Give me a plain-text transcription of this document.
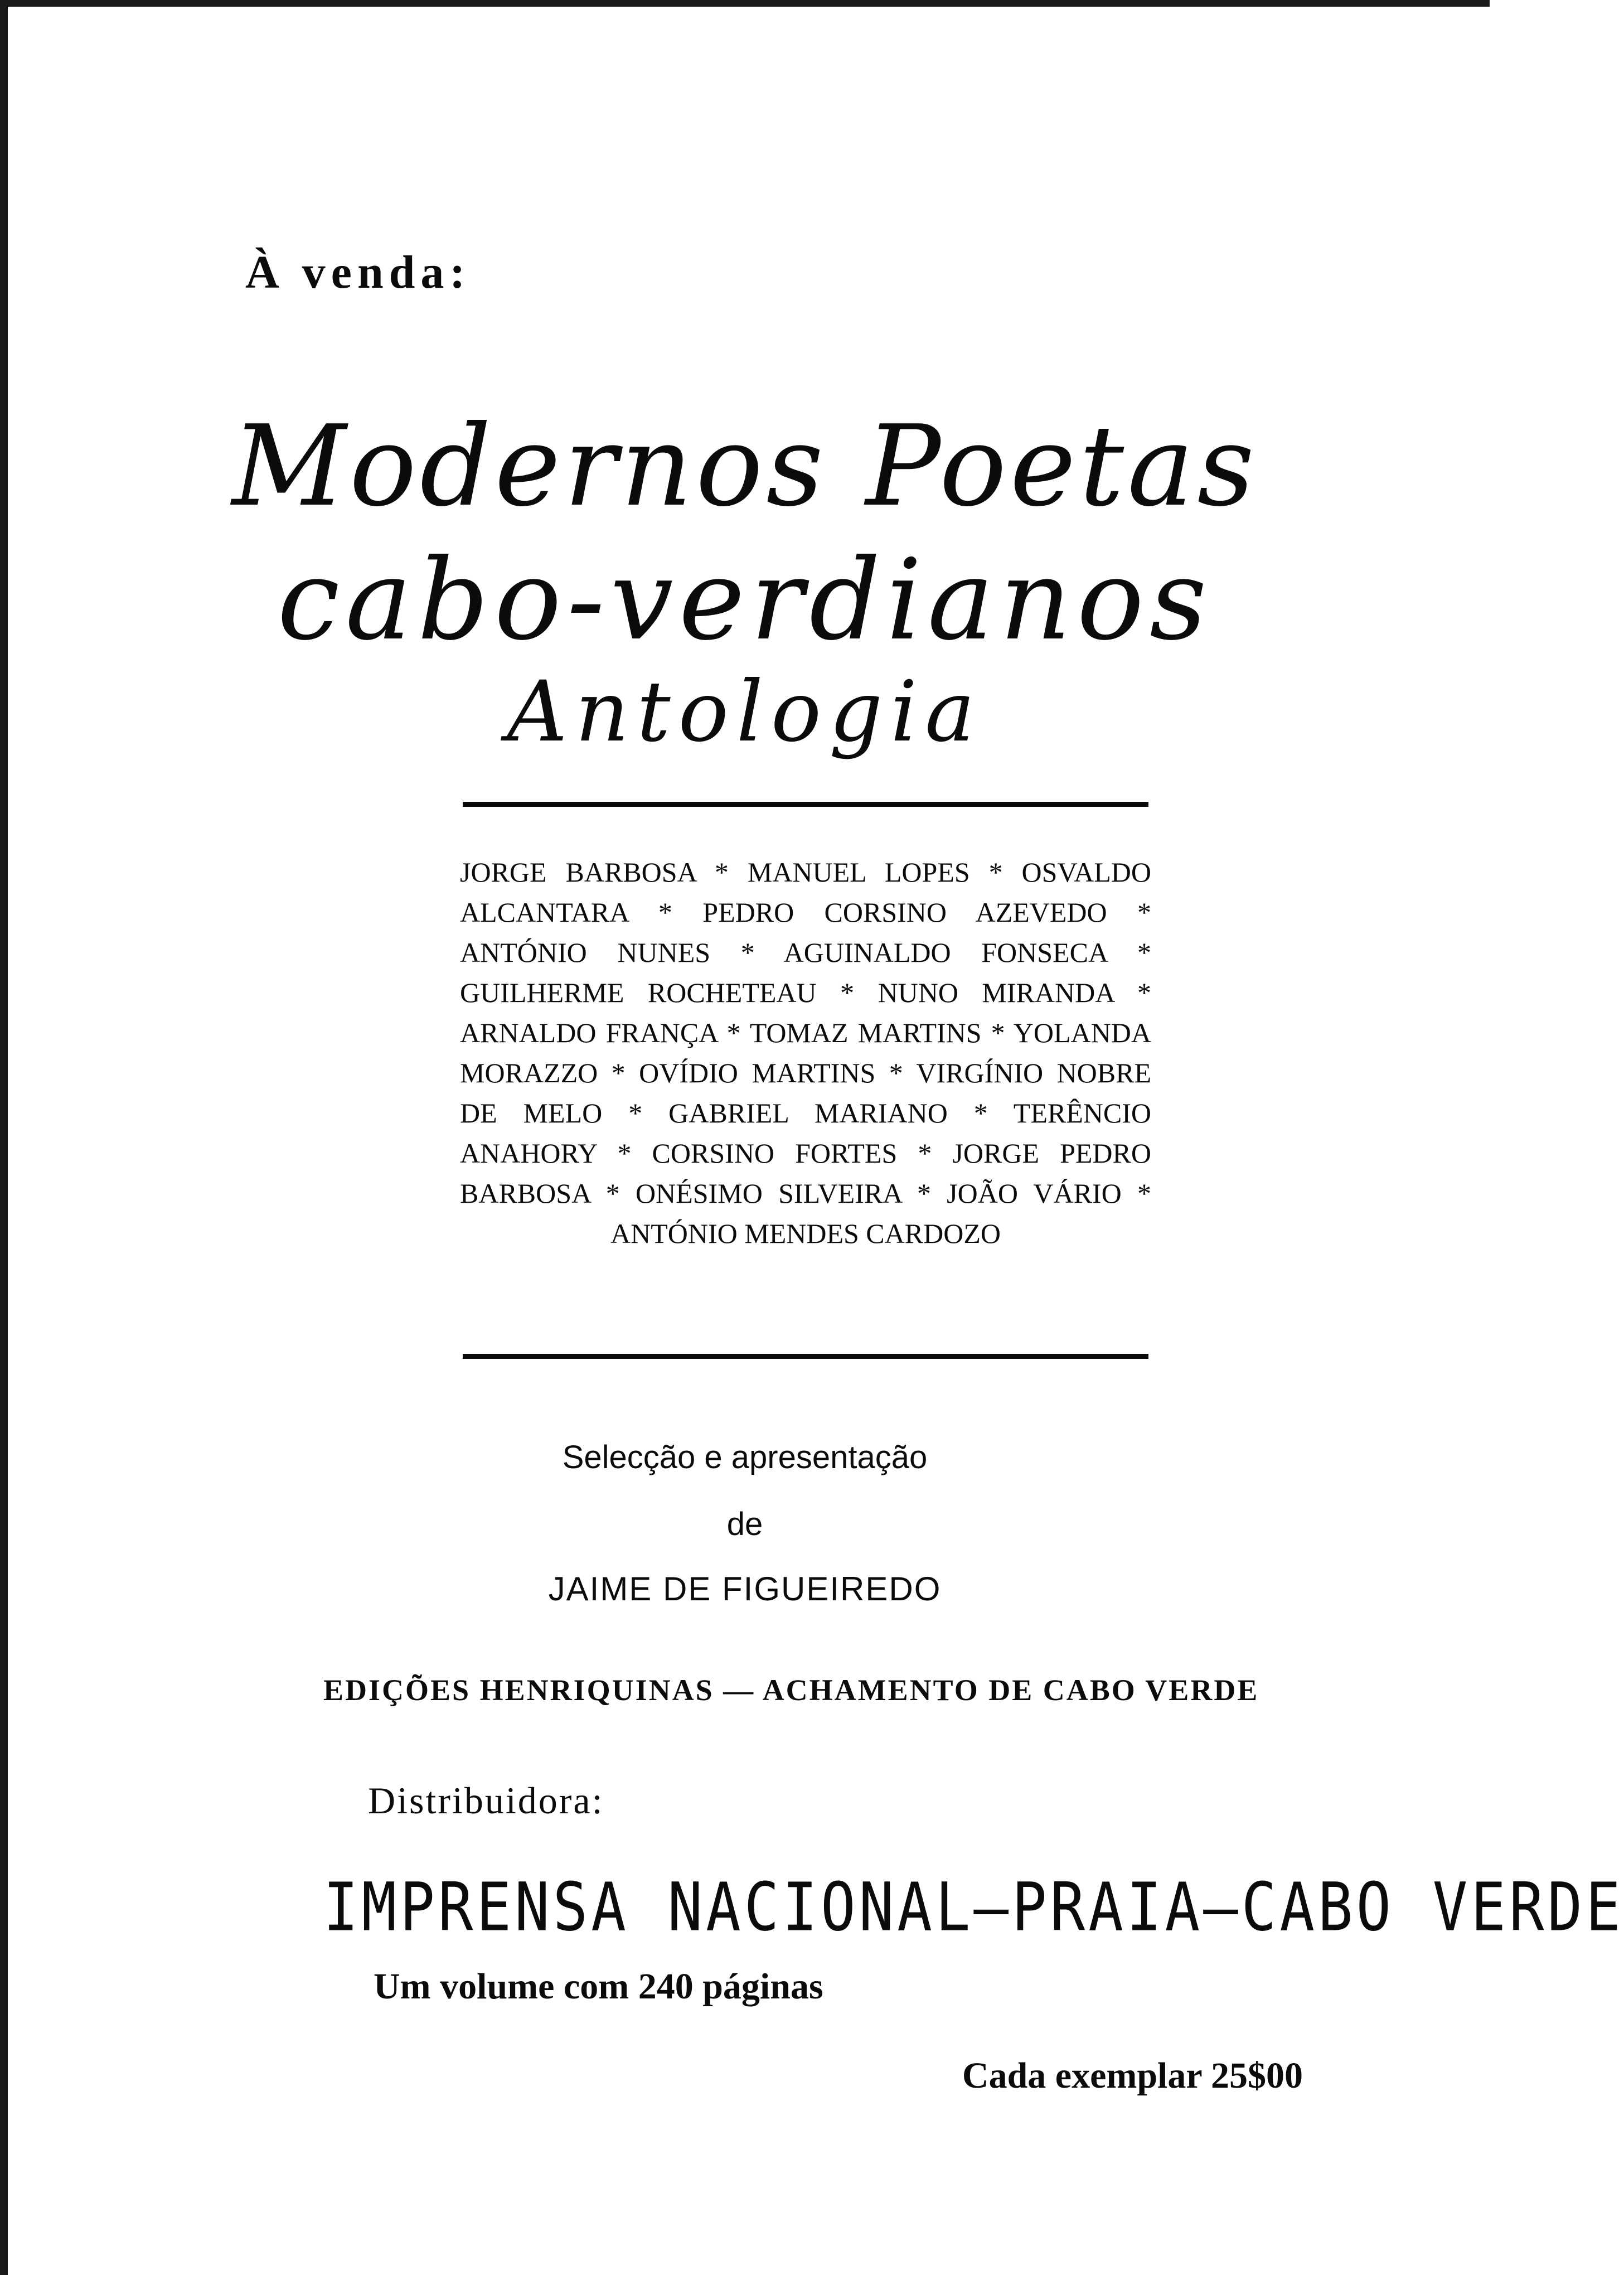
À venda:
Modernos Poetas
cabo-verdianos
Antologia
JORGE BARBOSA * MANUEL LOPES * OSVALDO ALCANTARA * PEDRO CORSINO AZEVEDO * ANTÓNIO NUNES * AGUINALDO FONSECA * GUILHERME ROCHETEAU * NUNO MIRANDA * ARNALDO FRANÇA * TOMAZ MARTINS * YOLANDA MORAZZO * OVÍDIO MARTINS * VIRGÍNIO NOBRE DE MELO * GABRIEL MARIANO * TERÊNCIO ANAHORY * CORSINO FORTES * JORGE PEDRO BARBOSA * ONÉSIMO SILVEIRA * JOÃO VÁRIO * ANTÓNIO MENDES CARDOZO
Selecção e apresentação
de
JAIME DE FIGUEIREDO
EDIÇÕES HENRIQUINAS — ACHAMENTO DE CABO VERDE
Distribuidora:
IMPRENSA NACIONAL—PRAIA—CABO VERDE
Um volume com 240 páginas
Cada exemplar 25$00
